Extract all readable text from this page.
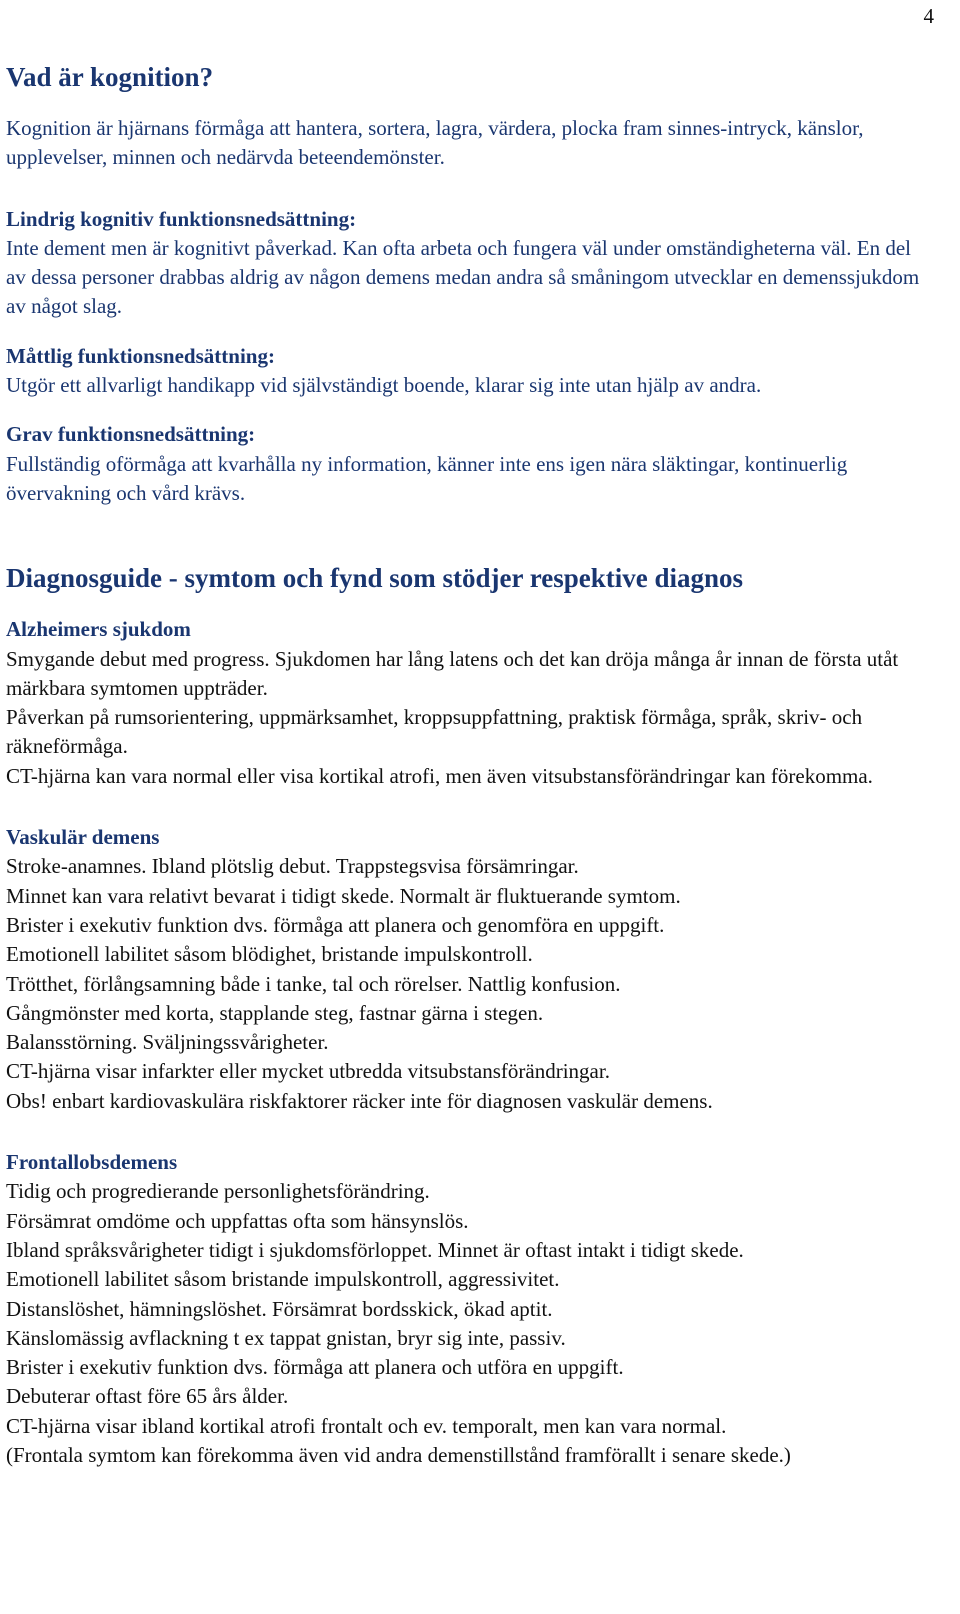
4
Vad är kognition?

Kognition är hjärnans förmåga att hantera, sortera, lagra, värdera, plocka fram sinnes-intryck, känslor, upplevelser, minnen och nedärvda beteendemönster.

Lindrig kognitiv funktionsnedsättning:

Inte dement men är kognitivt påverkad. Kan ofta arbeta och fungera väl under omständigheterna väl. En del av dessa personer drabbas aldrig av någon demens medan andra så småningom utvecklar en demenssjukdom av något slag.

Måttlig funktionsnedsättning:

Utgör ett allvarligt handikapp vid självständigt boende, klarar sig inte utan hjälp av andra.

Grav funktionsnedsättning:

Fullständig oförmåga att kvarhålla ny information, känner inte ens igen nära släktingar, kontinuerlig övervakning och vård krävs.

Diagnosguide - symtom och fynd som stödjer respektive diagnos
Alzheimers sjukdom

Smygande debut med progress. Sjukdomen har lång latens och det kan dröja många år innan de första utåt märkbara symtomen uppträder.

Påverkan på rumsorientering, uppmärksamhet, kroppsuppfattning, praktisk förmåga, språk, skriv- och räkneförmåga.

CT-hjärna kan vara normal eller visa kortikal atrofi, men även vitsubstansförändringar kan förekomma.

Vaskulär demens

Stroke-anamnes. Ibland plötslig debut. Trappstegsvisa försämringar.

Minnet kan vara relativt bevarat i tidigt skede. Normalt är fluktuerande symtom.

Brister i exekutiv funktion dvs. förmåga att planera och genomföra en uppgift.

Emotionell labilitet såsom blödighet, bristande impulskontroll.

Trötthet, förlångsamning både i tanke, tal och rörelser. Nattlig konfusion.

Gångmönster med korta, stapplande steg, fastnar gärna i stegen.

Balansstörning. Sväljningssvårigheter.

CT-hjärna visar infarkter eller mycket utbredda vitsubstansförändringar.

Obs! enbart kardiovaskulära riskfaktorer räcker inte för diagnosen vaskulär demens.

Frontallobsdemens

Tidig och progredierande personlighetsförändring.

Försämrat omdöme och uppfattas ofta som hänsynslös.

Ibland språksvårigheter tidigt i sjukdomsförloppet. Minnet är oftast intakt i tidigt skede.

Emotionell labilitet såsom bristande impulskontroll, aggressivitet.

Distanslöshet, hämningslöshet. Försämrat bordsskick, ökad aptit.

Känslomässig avflackning t ex tappat gnistan, bryr sig inte, passiv.

Brister i exekutiv funktion dvs. förmåga att planera och utföra en uppgift.

Debuterar oftast före 65 års ålder.

CT-hjärna visar ibland kortikal atrofi frontalt och ev. temporalt, men kan vara normal.

(Frontala symtom kan förekomma även vid andra demenstillstånd framförallt i senare skede.)
